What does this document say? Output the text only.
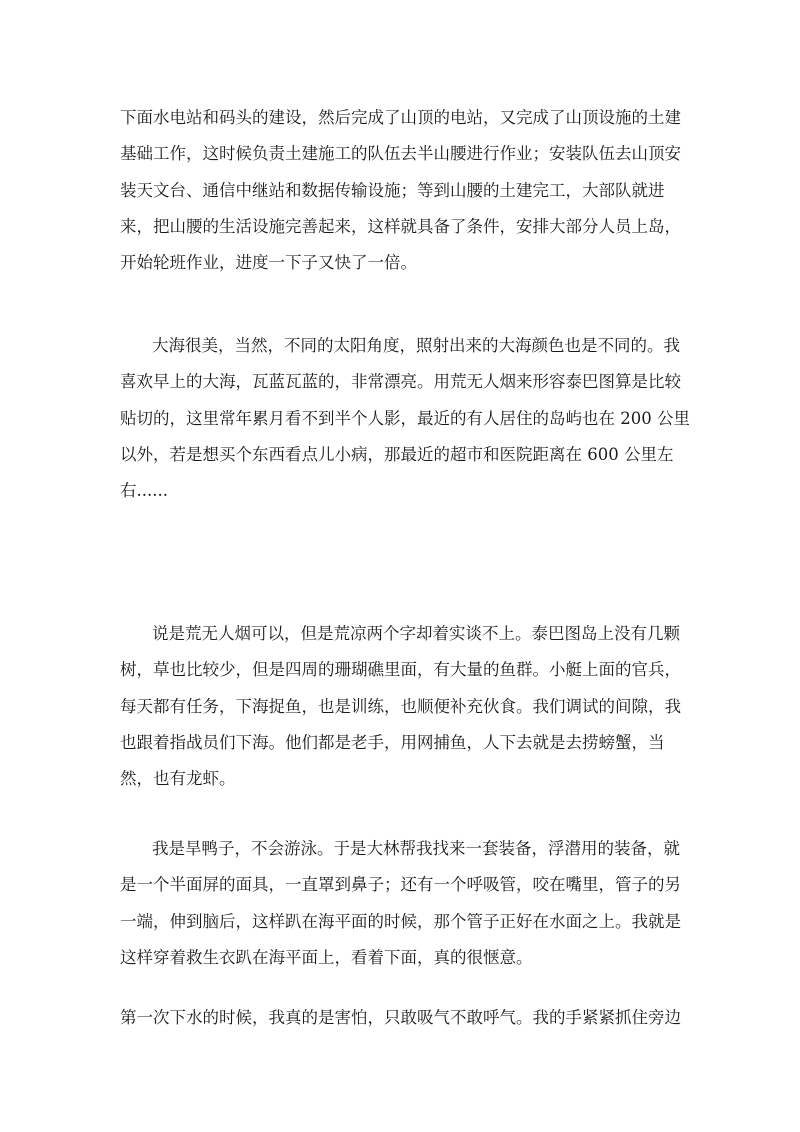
下面水电站和码头的建设，然后完成了山顶的电站，又完成了山顶设施的土建
基础工作，这时候负责土建施工的队伍去半山腰进行作业；安装队伍去山顶安
装天文台、通信中继站和数据传输设施；等到山腰的土建完工，大部队就进
来，把山腰的生活设施完善起来，这样就具备了条件，安排大部分人员上岛，
开始轮班作业，进度一下子又快了一倍。

大海很美，当然，不同的太阳角度，照射出来的大海颜色也是不同的。我
喜欢早上的大海，瓦蓝瓦蓝的，非常漂亮。用荒无人烟来形容泰巴图算是比较
贴切的，这里常年累月看不到半个人影，最近的有人居住的岛屿也在 200 公里
以外，若是想买个东西看点儿小病，那最近的超市和医院距离在 600 公里左
右......

说是荒无人烟可以，但是荒凉两个字却着实谈不上。泰巴图岛上没有几颗
树，草也比较少，但是四周的珊瑚礁里面，有大量的鱼群。小艇上面的官兵，
每天都有任务，下海捉鱼，也是训练，也顺便补充伙食。我们调试的间隙，我
也跟着指战员们下海。他们都是老手，用网捕鱼，人下去就是去捞螃蟹，当
然，也有龙虾。

我是旱鸭子，不会游泳。于是大林帮我找来一套装备，浮潜用的装备，就
是一个半面屏的面具，一直罩到鼻子；还有一个呼吸管，咬在嘴里，管子的另
一端，伸到脑后，这样趴在海平面的时候，那个管子正好在水面之上。我就是
这样穿着救生衣趴在海平面上，看着下面，真的很惬意。

第一次下水的时候，我真的是害怕，只敢吸气不敢呼气。我的手紧紧抓住旁边
